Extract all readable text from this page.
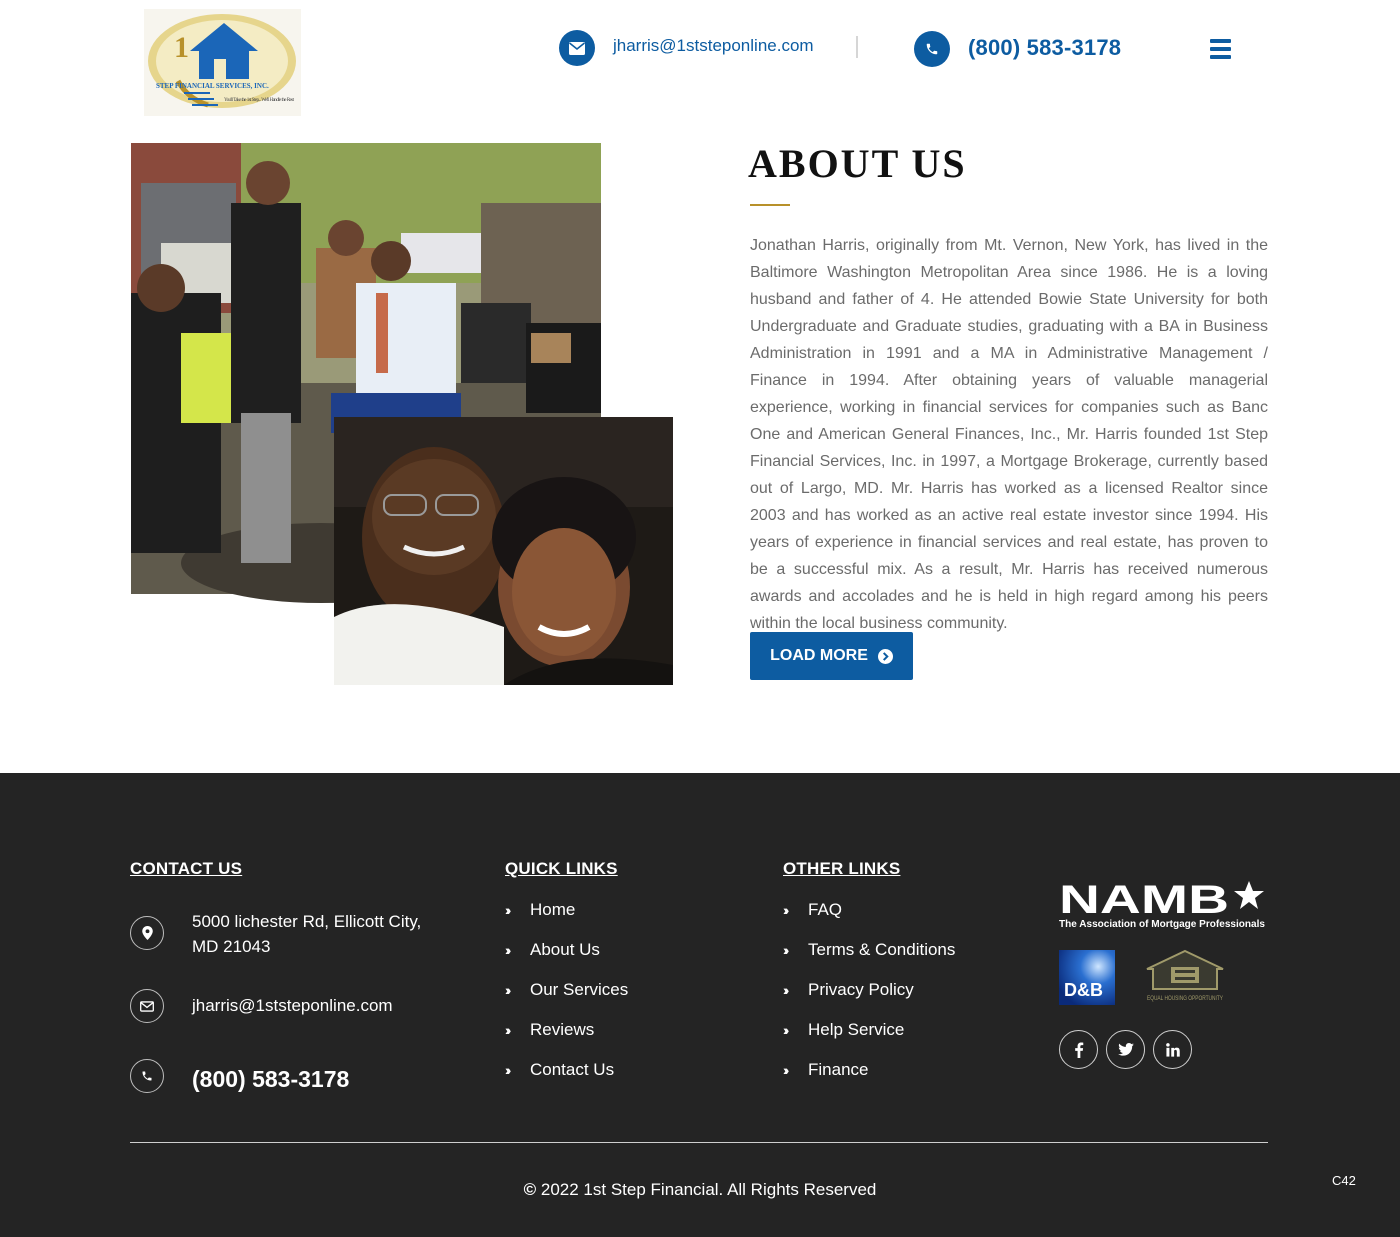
1
STEP FINANCIAL SERVICES, INC.
You'll Take the 1st Step... We'll Handle the Rest
jharris@1ststeponline.com	(800) 583-3178
ABOUT US

Jonathan Harris, originally from Mt. Vernon, New York, has lived in the Baltimore Washington Metropolitan Area since 1986. He is a loving husband and father of 4. He attended Bowie State University for both Undergraduate and Graduate studies, graduating with a BA in Business Administration in 1991 and a MA in Administrative Management / Finance in 1994. After obtaining years of valuable managerial experience, working in financial services for companies such as Banc One and American General Finances, Inc., Mr. Harris founded 1st Step Financial Services, Inc. in 1997, a Mortgage Brokerage, currently based out of Largo, MD. Mr. Harris has worked as a licensed Realtor since 2003 and has worked as an active real estate investor since 1994. His years of experience in financial services and real estate, has proven to be a successful mix. As a result, Mr. Harris has received numerous awards and accolades and he is held in high regard among his peers within the local business community.

LOAD MORE
CONTACT US
5000 lichester Rd, Ellicott City, MD 21043
jharris@1ststeponline.com
(800) 583-3178
QUICK LINKS
››	Home
››	About Us
››	Our Services
››	Reviews
››	Contact Us
OTHER LINKS
››	FAQ
››	Terms & Conditions
››	Privacy Policy
››	Help Service
››	Finance
NAMB
The Association of Mortgage Professionals
D&B	EQUAL HOUSING OPPORTUNITY
© 2022 1st Step Financial. All Rights Reserved	C42
